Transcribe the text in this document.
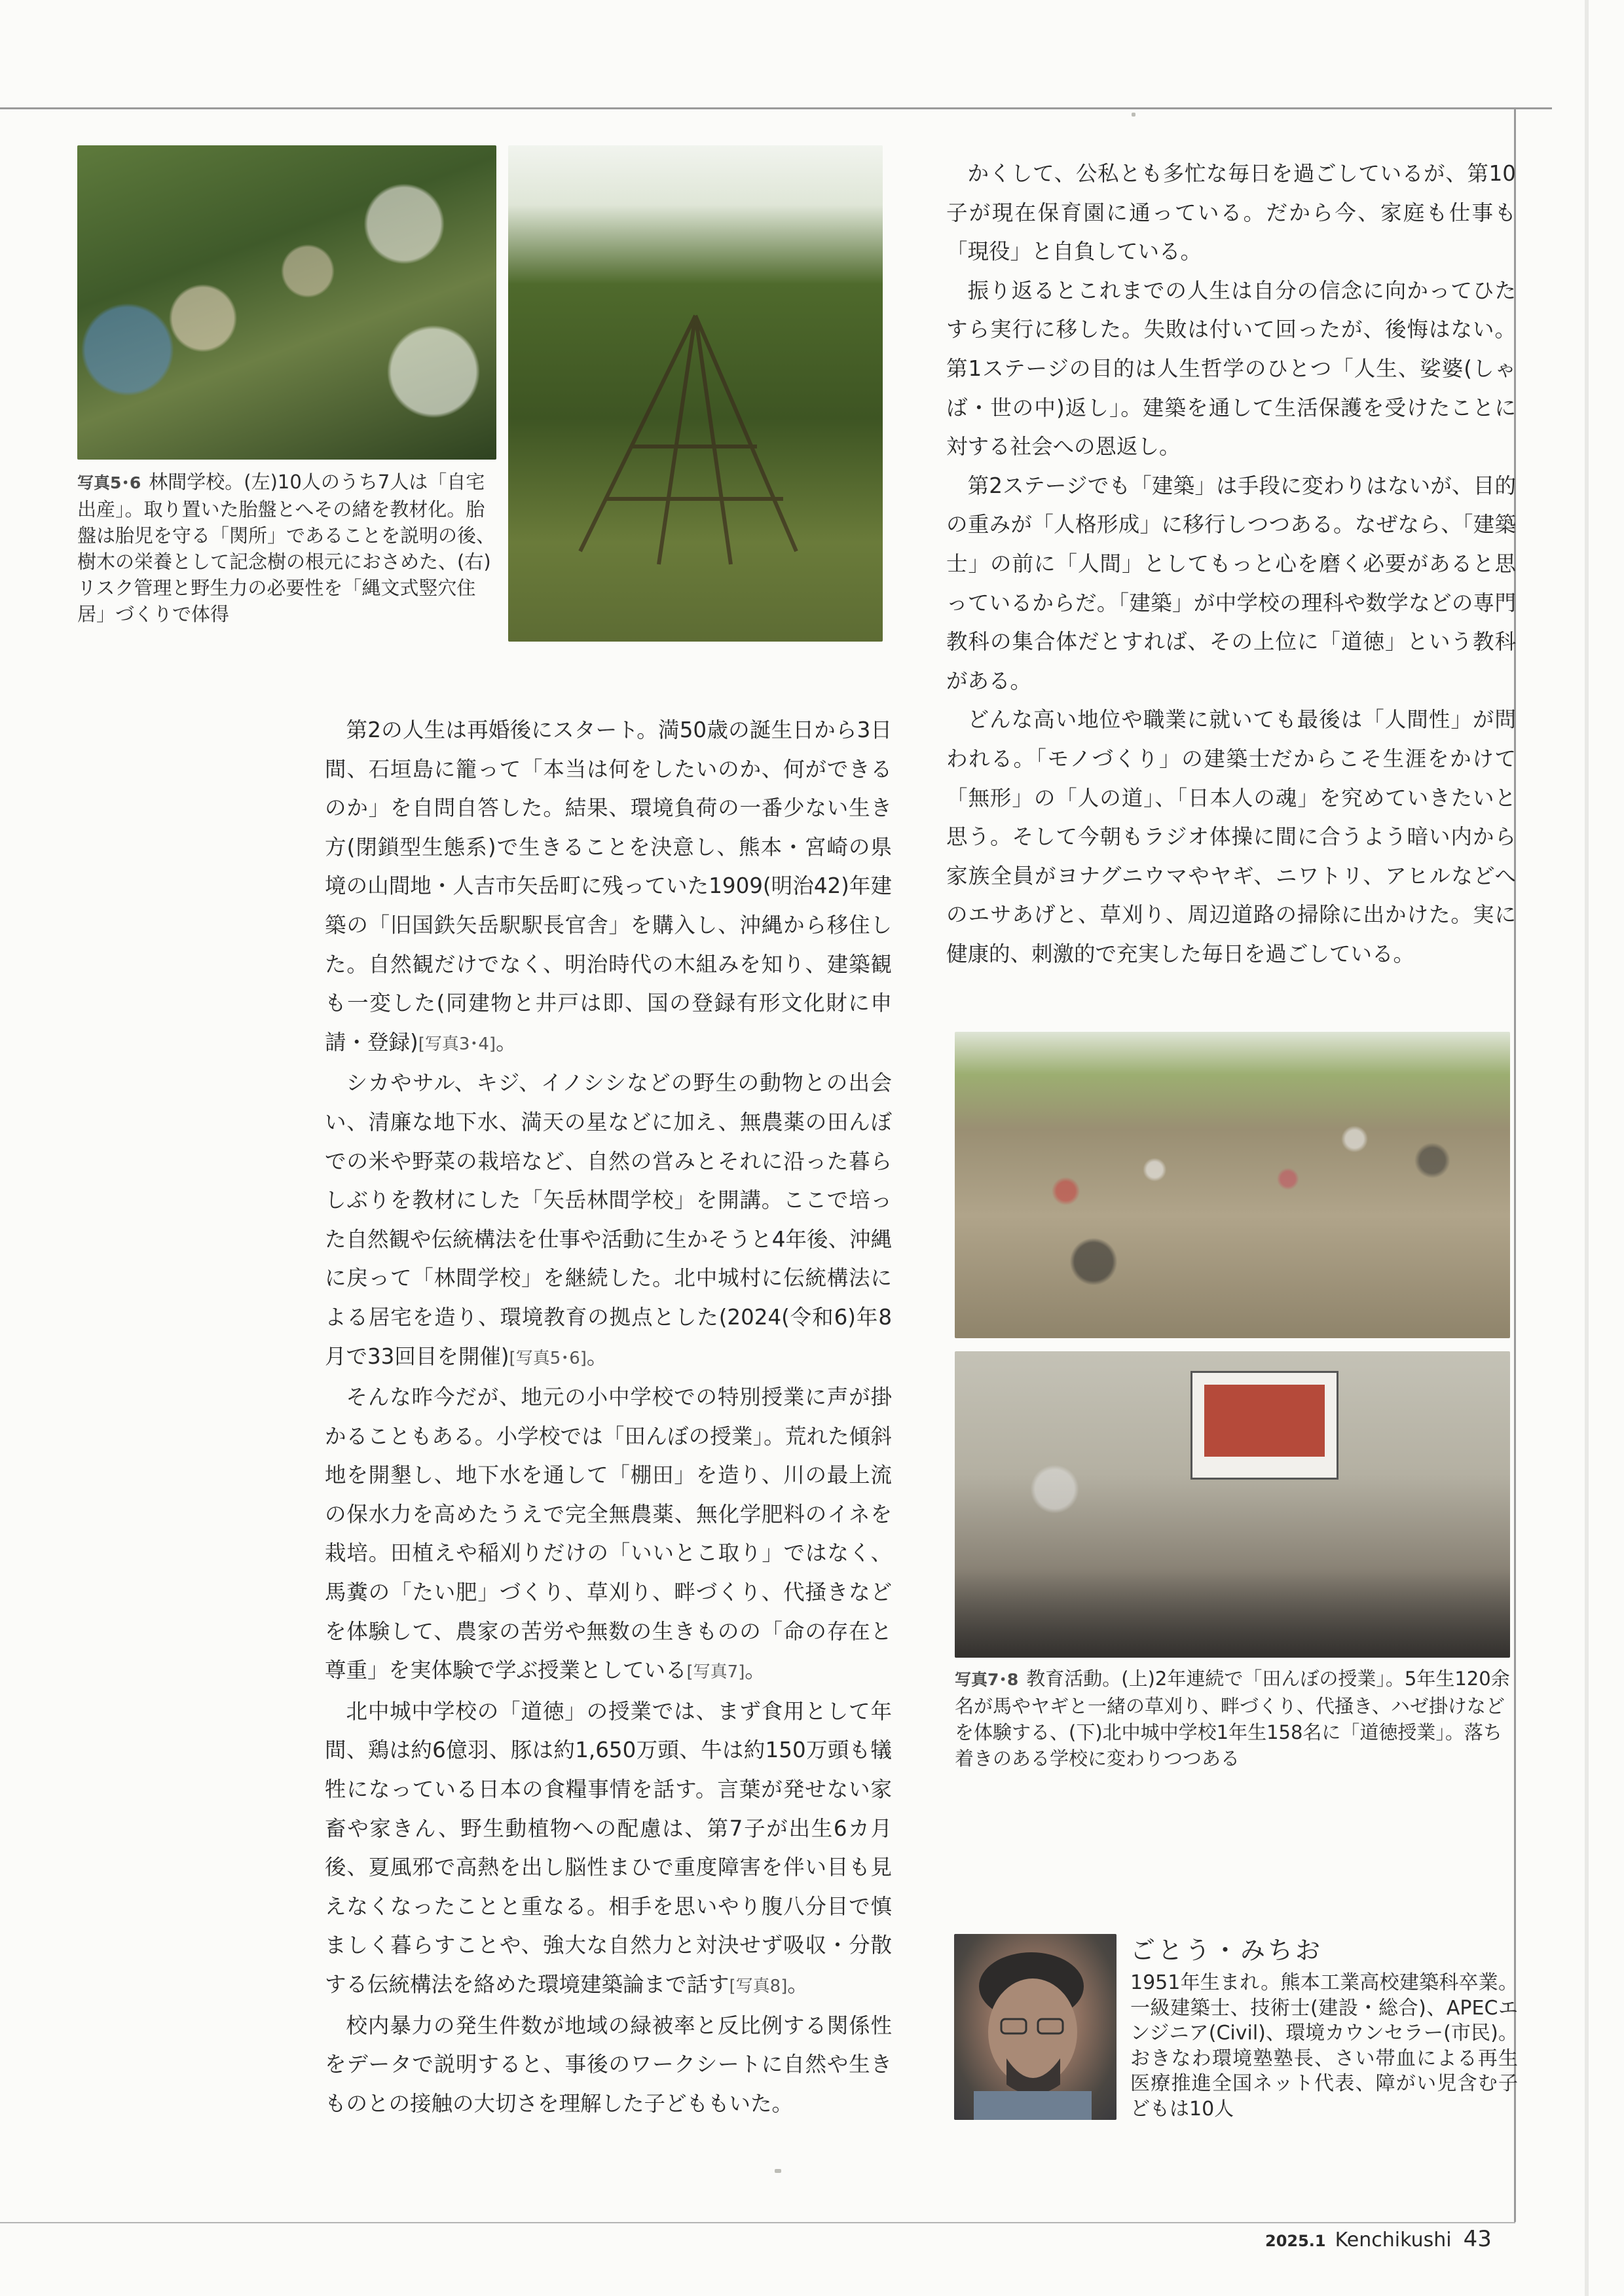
写真5･6 林間学校。(左)10人のうち7人は「自宅出産」。取り置いた胎盤とへその緒を教材化。胎盤は胎児を守る「関所」であることを説明の後、樹木の栄養として記念樹の根元におさめた、(右)リスク管理と野生力の必要性を「縄文式竪穴住居」づくりで体得

かくして、公私とも多忙な毎日を過ごしているが、第10子が現在保育園に通っている。だから今、家庭も仕事も「現役」と自負している。

振り返るとこれまでの人生は自分の信念に向かってひたすら実行に移した。失敗は付いて回ったが、後悔はない。第1ステージの目的は人生哲学のひとつ「人生、娑婆(しゃば・世の中)返し」。建築を通して生活保護を受けたことに対する社会への恩返し。

第2ステージでも「建築」は手段に変わりはないが、目的の重みが「人格形成」に移行しつつある。なぜなら、「建築士」の前に「人間」としてもっと心を磨く必要があると思っているからだ。「建築」が中学校の理科や数学などの専門教科の集合体だとすれば、その上位に「道徳」という教科がある。

どんな高い地位や職業に就いても最後は「人間性」が問われる。「モノづくり」の建築士だからこそ生涯をかけて「無形」の「人の道」、「日本人の魂」を究めていきたいと思う。そして今朝もラジオ体操に間に合うよう暗い内から家族全員がヨナグニウマやヤギ、ニワトリ、アヒルなどへのエサあげと、草刈り、周辺道路の掃除に出かけた。実に健康的、刺激的で充実した毎日を過ごしている。

第2の人生は再婚後にスタート。満50歳の誕生日から3日間、石垣島に籠って「本当は何をしたいのか、何ができるのか」を自問自答した。結果、環境負荷の一番少ない生き方(閉鎖型生態系)で生きることを決意し、熊本・宮崎の県境の山間地・人吉市矢岳町に残っていた1909(明治42)年建築の「旧国鉄矢岳駅駅長官舎」を購入し、沖縄から移住した。自然観だけでなく、明治時代の木組みを知り、建築観も一変した(同建物と井戸は即、国の登録有形文化財に申請・登録)[写真3･4]。

シカやサル、キジ、イノシシなどの野生の動物との出会い、清廉な地下水、満天の星などに加え、無農薬の田んぼでの米や野菜の栽培など、自然の営みとそれに沿った暮らしぶりを教材にした「矢岳林間学校」を開講。ここで培った自然観や伝統構法を仕事や活動に生かそうと4年後、沖縄に戻って「林間学校」を継続した。北中城村に伝統構法による居宅を造り、環境教育の拠点とした(2024(令和6)年8月で33回目を開催)[写真5･6]。

そんな昨今だが、地元の小中学校での特別授業に声が掛かることもある。小学校では「田んぼの授業」。荒れた傾斜地を開墾し、地下水を通して「棚田」を造り、川の最上流の保水力を高めたうえで完全無農薬、無化学肥料のイネを栽培。田植えや稲刈りだけの「いいとこ取り」ではなく、馬糞の「たい肥」づくり、草刈り、畔づくり、代掻きなどを体験して、農家の苦労や無数の生きものの「命の存在と尊重」を実体験で学ぶ授業としている[写真7]。

北中城中学校の「道徳」の授業では、まず食用として年間、鶏は約6億羽、豚は約1,650万頭、牛は約150万頭も犠牲になっている日本の食糧事情を話す。言葉が発せない家畜や家きん、野生動植物への配慮は、第7子が出生6カ月後、夏風邪で高熱を出し脳性まひで重度障害を伴い目も見えなくなったことと重なる。相手を思いやり腹八分目で慎ましく暮らすことや、強大な自然力と対決せず吸収・分散する伝統構法を絡めた環境建築論まで話す[写真8]。

校内暴力の発生件数が地域の緑被率と反比例する関係性をデータで説明すると、事後のワークシートに自然や生きものとの接触の大切さを理解した子どももいた。

写真7･8 教育活動。(上)2年連続で「田んぼの授業」。5年生120余名が馬やヤギと一緒の草刈り、畔づくり、代掻き、ハゼ掛けなどを体験する、(下)北中城中学校1年生158名に「道徳授業」。落ち着きのある学校に変わりつつある
ごとう・みちお
1951年生まれ。熊本工業高校建築科卒業。一級建築士、技術士(建設・総合)、APECエンジニア(Civil)、環境カウンセラー(市民)。おきなわ環境塾塾長、さい帯血による再生医療推進全国ネット代表、障がい児含む子どもは10人
2025.1 Kenchikushi 43
